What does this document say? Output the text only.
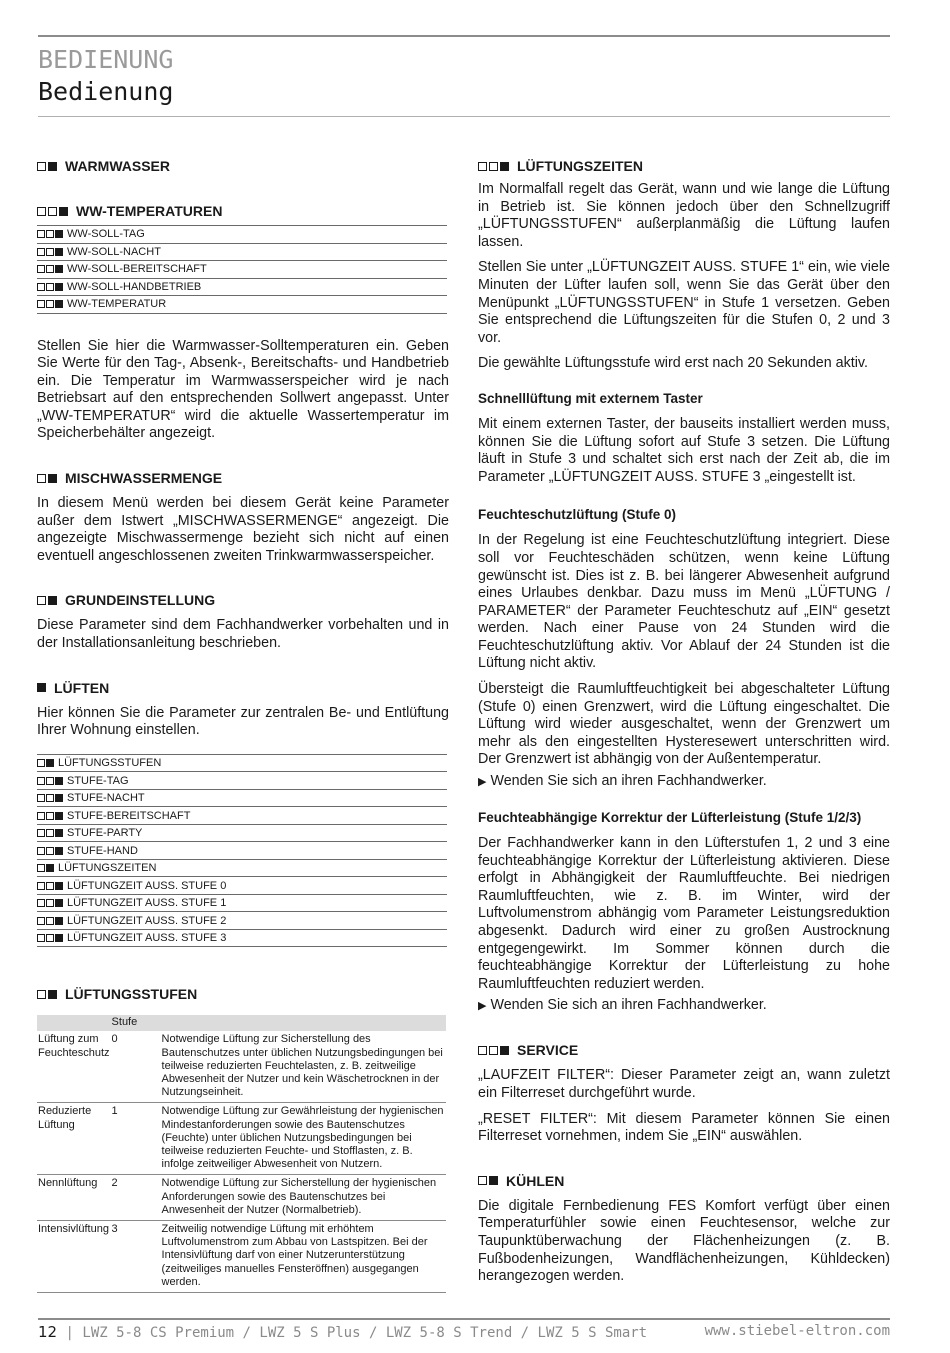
BEDIENUNG
Bedienung
WARMWASSER
WW-TEMPERATUREN
WW-SOLL-TAG
WW-SOLL-NACHT
WW-SOLL-BEREITSCHAFT
WW-SOLL-HANDBETRIEB
WW-TEMPERATUR

Stellen Sie hier die Warmwasser-Solltemperaturen ein. Geben Sie Werte für den Tag-, Absenk-, Bereitschafts- und Handbetrieb ein. Die Temperatur im Warmwasserspeicher wird je nach Betriebsart auf den entsprechenden Sollwert angepasst. Unter „WW-TEMPERATUR“ wird die aktuelle Wassertemperatur im Speicherbehälter angezeigt.

MISCHWASSERMENGE

In diesem Menü werden bei diesem Gerät keine Parameter außer dem Istwert „MISCHWASSERMENGE“ angezeigt. Die angezeigte Mischwassermenge bezieht sich nicht auf einen eventuell angeschlossenen zweiten Trinkwarmwasserspeicher.

GRUNDEINSTELLUNG

Diese Parameter sind dem Fachhandwerker vorbehalten und in der Installationsanleitung beschrieben.

LÜFTEN

Hier können Sie die Parameter zur zentralen Be- und Entlüftung Ihrer Wohnung einstellen.

LÜFTUNGSSTUFEN
STUFE-TAG
STUFE-NACHT
STUFE-BEREITSCHAFT
STUFE-PARTY
STUFE-HAND
LÜFTUNGSZEITEN
LÜFTUNGZEIT AUSS. STUFE 0
LÜFTUNGZEIT AUSS. STUFE 1
LÜFTUNGZEIT AUSS. STUFE 2
LÜFTUNGZEIT AUSS. STUFE 3
LÜFTUNGSSTUFEN
	Stufe	
Lüftung zum Feuchteschutz	0	Notwendige Lüftung zur Sicherstellung des Bautenschutzes unter üblichen Nutzungsbedingungen bei teilweise reduzierten Feuchtelasten, z. B. zeitweilige Abwesenheit der Nutzer und kein Wäschetrocknen in der Nutzungseinheit.
Reduzierte Lüftung	1	Notwendige Lüftung zur Gewährleistung der hygienischen Mindestanforderungen sowie des Bautenschutzes (Feuchte) unter üblichen Nutzungsbedingungen bei teilweise reduzierten Feuchte- und Stofflasten, z. B. infolge zeitweiliger Abwesenheit von Nutzern.
Nennlüftung	2	Notwendige Lüftung zur Sicherstellung der hygienischen Anforderungen sowie des Bautenschutzes bei Anwesenheit der Nutzer (Normalbetrieb).
Intensivlüftung	3	Zeitweilig notwendige Lüftung mit erhöhtem Luftvolumenstrom zum Abbau von Lastspitzen. Bei der Intensivlüftung darf von einer Nutzerunterstützung (zeitweiliges manuelles Fensteröffnen) ausgegangen werden.
LÜFTUNGSZEITEN

Im Normalfall regelt das Gerät, wann und wie lange die Lüftung in Betrieb ist. Sie können jedoch über den Schnellzugriff „LÜFTUNGSSTUFEN“ außerplanmäßig die Lüftung laufen lassen.

Stellen Sie unter „LÜFTUNGZEIT AUSS. STUFE 1“ ein, wie viele Minuten der Lüfter laufen soll, wenn Sie das Gerät über den Menüpunkt „LÜFTUNGSSTUFEN“ in Stufe 1 versetzen. Geben Sie entsprechend die Lüftungszeiten für die Stufen 0, 2 und 3 vor.

Die gewählte Lüftungsstufe wird erst nach 20 Sekunden aktiv.

Schnelllüftung mit externem Taster

Mit einem externen Taster, der bauseits installiert werden muss, können Sie die Lüftung sofort auf Stufe 3 setzen. Die Lüftung läuft in Stufe 3 und schaltet sich erst nach der Zeit ab, die im Parameter „LÜFTUNGZEIT AUSS. STUFE 3 „eingestellt ist.

Feuchteschutzlüftung (Stufe 0)

In der Regelung ist eine Feuchteschutzlüftung integriert. Diese soll vor Feuchteschäden schützen, wenn keine Lüftung gewünscht ist. Dies ist z. B. bei längerer Abwesenheit aufgrund eines Urlaubes denkbar. Dazu muss im Menü „LÜFTUNG / PARAMETER“ der Parameter Feuchteschutz auf „EIN“ gesetzt werden. Nach einer Pause von 24 Stunden wird die Feuchteschutzlüftung aktiv. Vor Ablauf der 24 Stunden ist die Lüftung nicht aktiv.

Übersteigt die Raumluftfeuchtigkeit bei abgeschalteter Lüftung (Stufe 0) einen Grenzwert, wird die Lüftung eingeschaltet. Die Lüftung wird wieder ausgeschaltet, wenn der Grenzwert um mehr als den eingestellten Hysteresewert unterschritten wird. Der Grenzwert ist abhängig von der Außentemperatur.

▶ Wenden Sie sich an ihren Fachhandwerker.
Feuchteabhängige Korrektur der Lüfterleistung (Stufe 1/2/3)

Der Fachhandwerker kann in den Lüfterstufen 1, 2 und 3 eine feuchteabhängige Korrektur der Lüfterleistung aktivieren. Diese erfolgt in Abhängigkeit der Raumluftfeuchte. Bei niedrigen Raumluftfeuchten, wie z. B. im Winter, wird der Luftvolumenstrom abhängig vom Parameter Leistungsreduktion abgesenkt. Dadurch wird einer zu großen Austrocknung entgegengewirkt. Im Sommer können durch die feuchteabhängige Korrektur der Lüfterleistung zu hohe Raumluftfeuchten reduziert werden.

▶ Wenden Sie sich an ihren Fachhandwerker.
SERVICE

„LAUFZEIT FILTER“: Dieser Parameter zeigt an, wann zuletzt ein Filterreset durchgeführt wurde.

„RESET FILTER“: Mit diesem Parameter können Sie einen Filterreset vornehmen, indem Sie „EIN“ auswählen.

KÜHLEN

Die digitale Fernbedienung FES Komfort verfügt über einen Temperaturfühler sowie einen Feuchtesensor, welche zur Taupunktüberwachung der Flächenheizungen (z. B. Fußbodenheizungen, Wandflächenheizungen, Kühldecken) herangezogen werden.

12 | LWZ 5-8 CS Premium / LWZ 5 S Plus / LWZ 5-8 S Trend / LWZ 5 S Smart	www.stiebel-eltron.com
